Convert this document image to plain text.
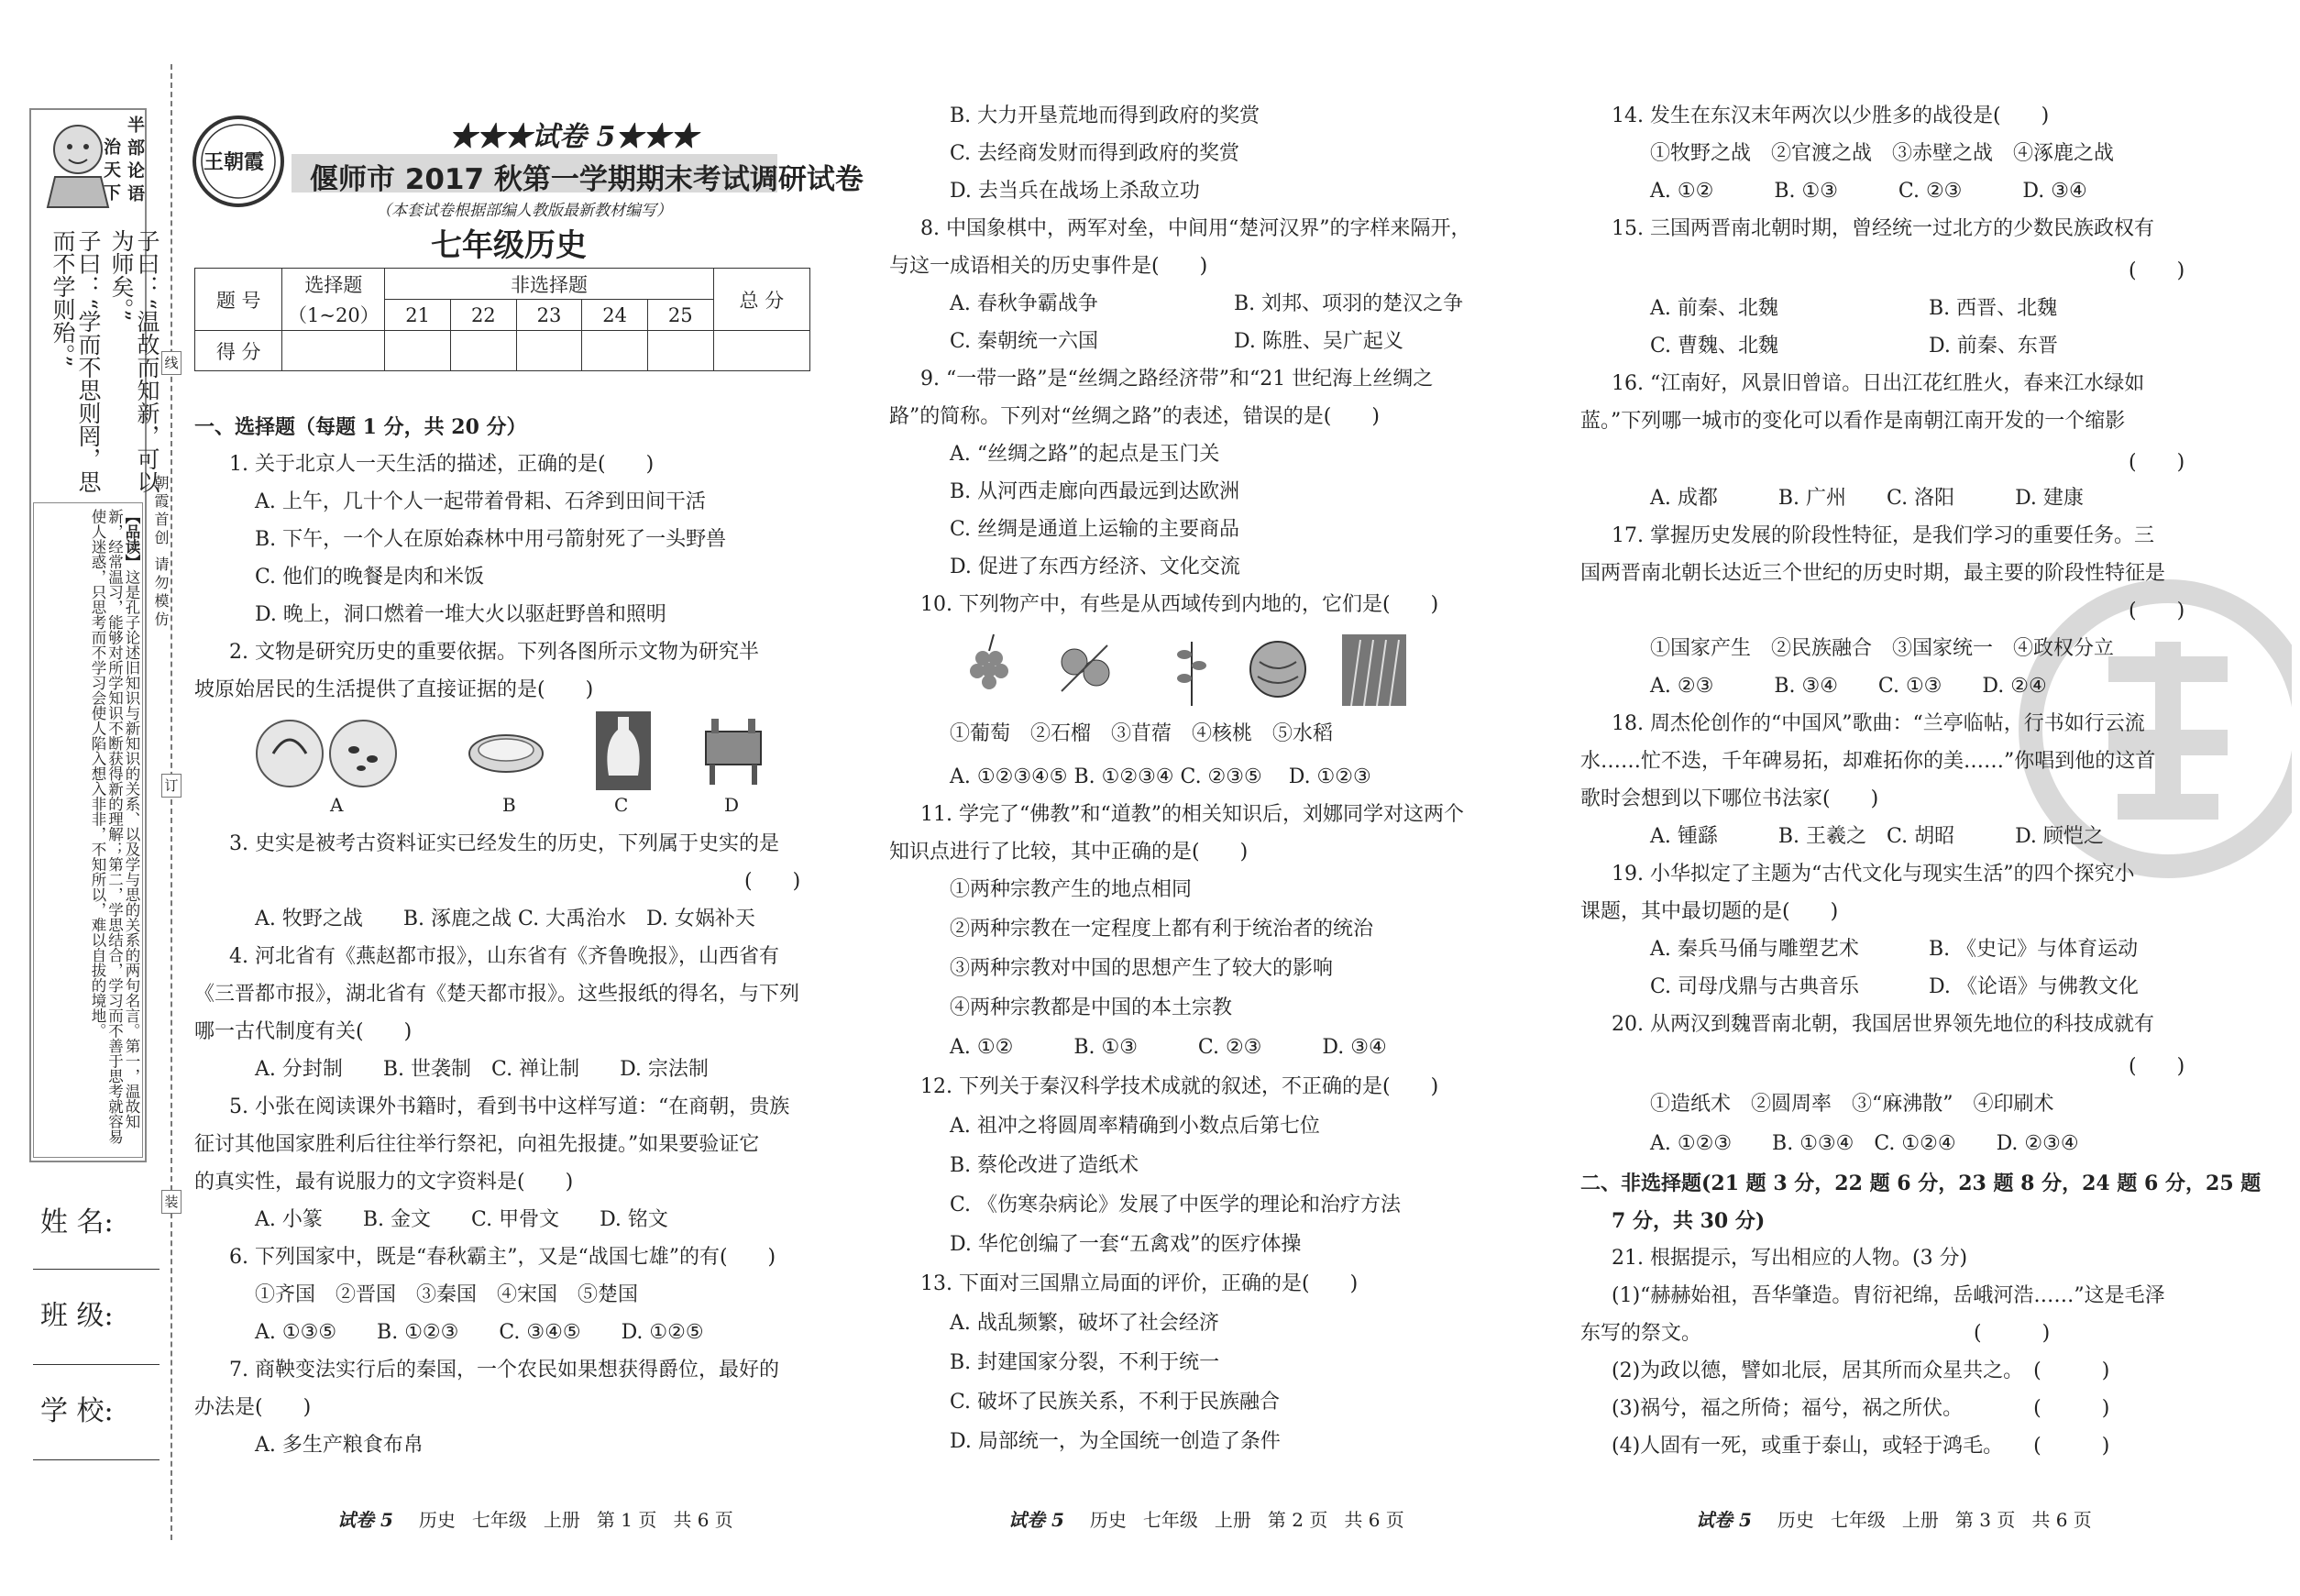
半部论语
治天下
子曰：“温故而知新，可以为师矣。”
子曰：“学而不思则罔，思而不学则殆。”
【品读】这是孔子论述旧知识与新知识的关系、以及学与思的关系的两句名言。第一，温故知新，经常温习，能够对所学知识不断获得新的理解；第二，学思结合，学习而不善于思考就容易使人迷惑，只思考而不学习会使人陷入想入非非，不知所以，难以自拔的境地。	朝霞首创 请勿模仿
线
订
装
姓 名:
班 级:
学 校:
王朝霞
★★★试卷 5★★★
偃师市 2017 秋第一学期期末考试调研试卷
（本套试卷根据部编人教版最新教材编写）
七年级历史
题 号	选择题	非选择题					总 分
	（1~20）	21	22	23	24	25	
得 分							
一、选择题（每题 1 分，共 20 分）
1. 关于北京人一天生活的描述，正确的是(　　)
A. 上午，几十个人一起带着骨耜、石斧到田间干活
B. 下午，一个人在原始森林中用弓箭射死了一头野兽
C. 他们的晚餐是肉和米饭
D. 晚上，洞口燃着一堆大火以驱赶野兽和照明
2. 文物是研究历史的重要依据。下列各图所示文物为研究半
坡原始居民的生活提供了直接证据的是(　　)
A	B	C	D
3. 史实是被考古资料证实已经发生的历史，下列属于史实的是
(　　)
A. 牧野之战　　B. 涿鹿之战 C. 大禹治水　D. 女娲补天
4. 河北省有《燕赵都市报》，山东省有《齐鲁晚报》，山西省有
《三晋都市报》，湖北省有《楚天都市报》。这些报纸的得名，与下列
哪一古代制度有关(　　)
A. 分封制　　B. 世袭制　C. 禅让制　　D. 宗法制
5. 小张在阅读课外书籍时，看到书中这样写道：“在商朝，贵族
征讨其他国家胜利后往往举行祭祀，向祖先报捷。”如果要验证它
的真实性，最有说服力的文字资料是(　　)
A. 小篆　　B. 金文　　C. 甲骨文　　D. 铭文
6. 下列国家中，既是“春秋霸主”，又是“战国七雄”的有(　　)
①齐国　②晋国　③秦国　④宋国　⑤楚国
A. ①③⑤　　B. ①②③　　C. ③④⑤　　D. ①②⑤
7. 商鞅变法实行后的秦国，一个农民如果想获得爵位，最好的
办法是(　　)
A. 多生产粮食布帛
B. 大力开垦荒地而得到政府的奖赏
C. 去经商发财而得到政府的奖赏
D. 去当兵在战场上杀敌立功
8. 中国象棋中，两军对垒，中间用“楚河汉界”的字样来隔开，
与这一成语相关的历史事件是(　　)
A. 春秋争霸战争	B. 刘邦、项羽的楚汉之争
C. 秦朝统一六国	D. 陈胜、吴广起义
9. “一带一路”是“丝绸之路经济带”和“21 世纪海上丝绸之
路”的简称。下列对“丝绸之路”的表述，错误的是(　　)
A. “丝绸之路”的起点是玉门关
B. 从河西走廊向西最远到达欧洲
C. 丝绸是通道上运输的主要商品
D. 促进了东西方经济、文化交流
10. 下列物产中，有些是从西域传到内地的，它们是(　　)
①葡萄　②石榴　③苜蓿　④核桃　⑤水稻
A. ①②③④⑤ B. ①②③④ C. ②③⑤　 D. ①②③
11. 学完了“佛教”和“道教”的相关知识后，刘娜同学对这两个
知识点进行了比较，其中正确的是(　　)
①两种宗教产生的地点相同
②两种宗教在一定程度上都有利于统治者的统治
③两种宗教对中国的思想产生了较大的影响
④两种宗教都是中国的本土宗教
A. ①②　　　B. ①③　　　C. ②③　　　D. ③④
12. 下列关于秦汉科学技术成就的叙述，不正确的是(　　)
A. 祖冲之将圆周率精确到小数点后第七位
B. 蔡伦改进了造纸术
C. 《伤寒杂病论》发展了中医学的理论和治疗方法
D. 华佗创编了一套“五禽戏”的医疗体操
13. 下面对三国鼎立局面的评价，正确的是(　　)
A. 战乱频繁，破坏了社会经济
B. 封建国家分裂，不利于统一
C. 破坏了民族关系，不利于民族融合
D. 局部统一，为全国统一创造了条件
14. 发生在东汉末年两次以少胜多的战役是(　　)
①牧野之战　②官渡之战　③赤壁之战　④涿鹿之战
A. ①②　　　B. ①③　　　C. ②③　　　D. ③④
15. 三国两晋南北朝时期，曾经统一过北方的少数民族政权有
(　　)
A. 前秦、北魏	B. 西晋、北魏
C. 曹魏、北魏	D. 前秦、东晋
16. “江南好，风景旧曾谙。日出江花红胜火，春来江水绿如
蓝。”下列哪一城市的变化可以看作是南朝江南开发的一个缩影
(　　)
A. 成都　　　B. 广州　　C. 洛阳　　　D. 建康
17. 掌握历史发展的阶段性特征，是我们学习的重要任务。三
国两晋南北朝长达近三个世纪的历史时期，最主要的阶段性特征是
(　　)
①国家产生　②民族融合　③国家统一　④政权分立
A. ②③　　　B. ③④　　C. ①③　　D. ②④
18. 周杰伦创作的“中国风”歌曲：“兰亭临帖，行书如行云流
水……忙不迭，千年碑易拓，却难拓你的美……”你唱到他的这首
歌时会想到以下哪位书法家(　　)
A. 锺繇　　　B. 王羲之　C. 胡昭　　　D. 顾恺之
19. 小华拟定了主题为“古代文化与现实生活”的四个探究小
课题，其中最切题的是(　　)
A. 秦兵马俑与雕塑艺术	B. 《史记》与体育运动
C. 司母戊鼎与古典音乐	D. 《论语》与佛教文化
20. 从两汉到魏晋南北朝，我国居世界领先地位的科技成就有
(　　)
①造纸术　②圆周率　③“麻沸散”　④印刷术
A. ①②③　　B. ①③④　C. ①②④　　D. ②③④
二、非选择题(21 题 3 分，22 题 6 分，23 题 8 分，24 题 6 分，25 题
7 分，共 30 分)
21. 根据提示，写出相应的人物。(3 分)
(1)“赫赫始祖，吾华肇造。胄衍祀绵，岳峨河浩……”这是毛泽
东写的祭文。　　　　　　　　　　　　　　(　　　)
(2)为政以德，譬如北辰，居其所而众星共之。　(　　　)
(3)祸兮，福之所倚；福兮，祸之所伏。　　　　(　　　)
(4)人固有一死，或重于泰山，或轻于鸿毛。　　(　　　)
试卷 5 历史 七年级 上册 第 1 页 共 6 页	试卷 5 历史 七年级 上册 第 2 页 共 6 页	试卷 5 历史 七年级 上册 第 3 页 共 6 页
